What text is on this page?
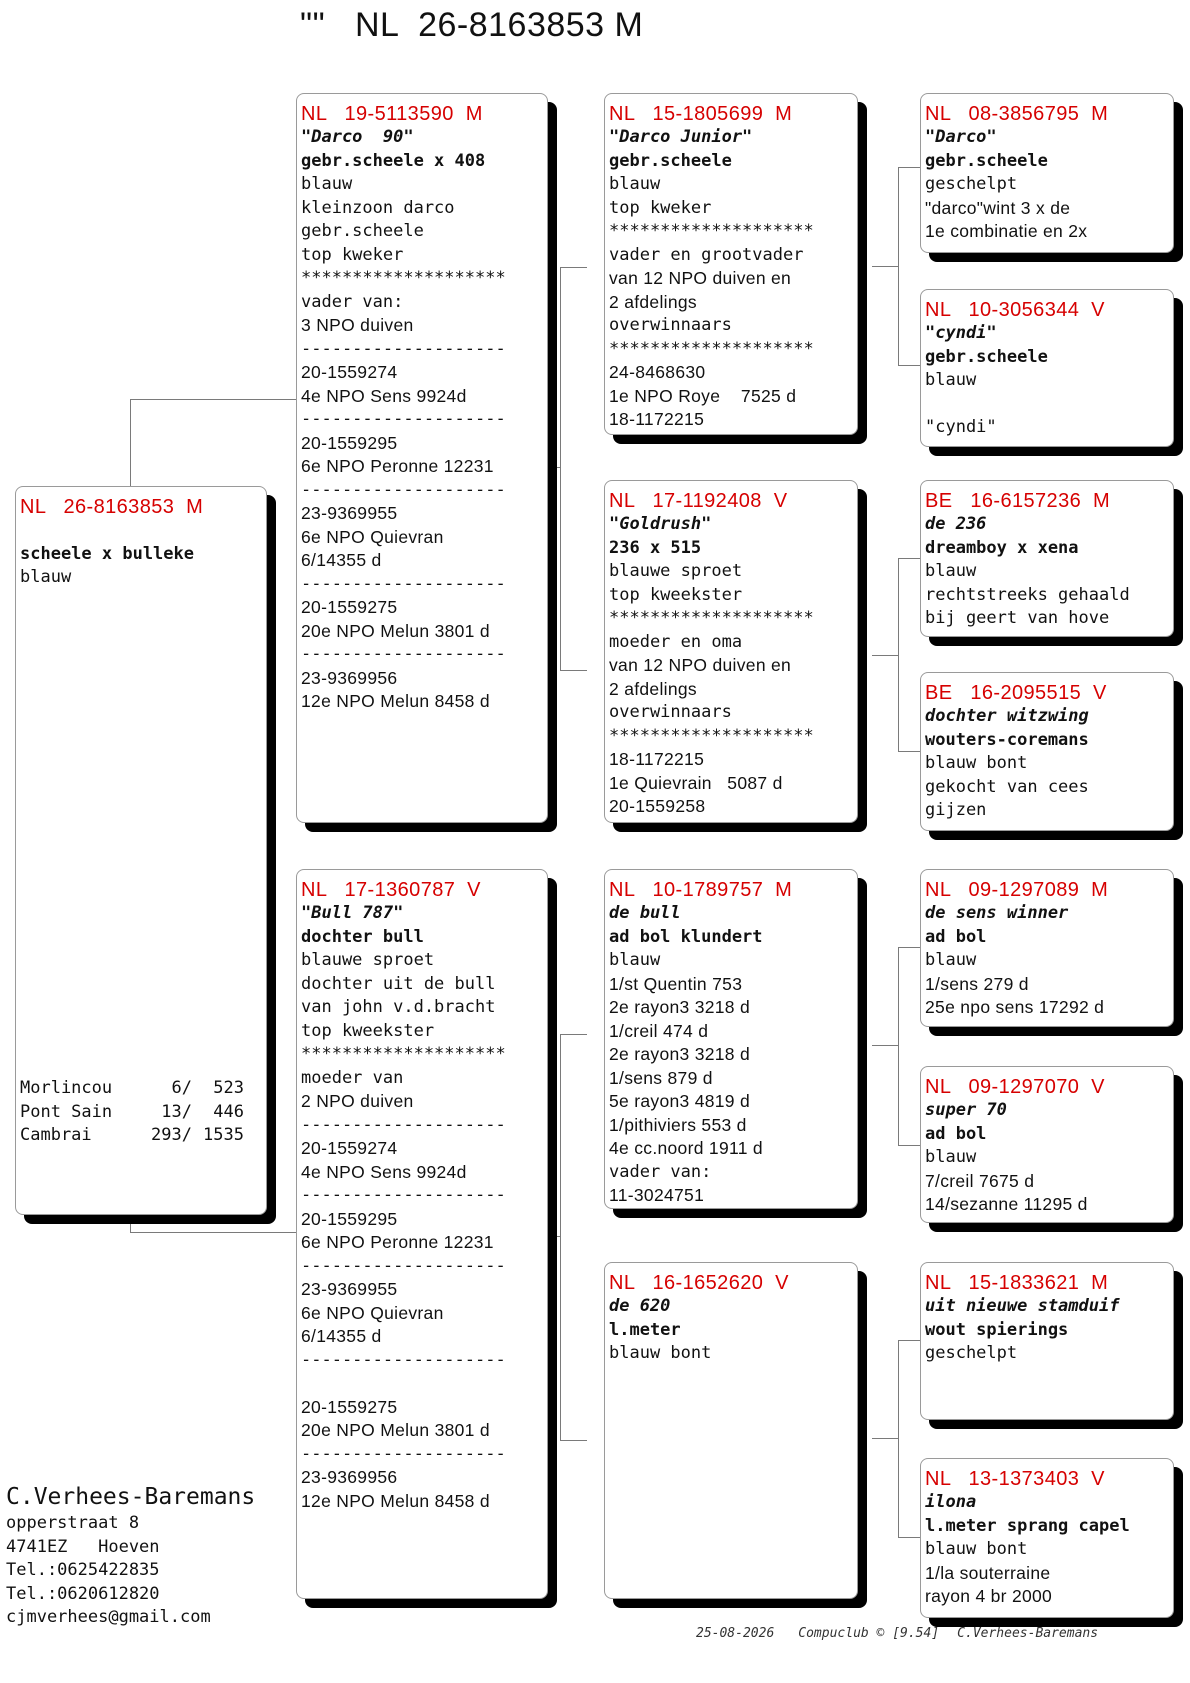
""   NL  26-8163853 M
NL   26-8163853  M

scheele x bulleke
blauw
Morlincou	6/ 523
Pont Sain	13/ 446
Cambrai	293/ 1535
NL   19-5113590  M
"Darco  90"
gebr.scheele x 408
blauw
kleinzoon darco
gebr.scheele
top kweker
********************
vader van:
3 NPO duiven
--------------------
20-1559274
4e NPO Sens 9924d
--------------------
20-1559295
6e NPO Peronne 12231
--------------------
23-9369955
6e NPO Quievran
6/14355 d
--------------------
20-1559275
20e NPO Melun 3801 d
--------------------
23-9369956
12e NPO Melun 8458 d
NL   17-1360787  V
"Bull 787"
dochter bull
blauwe sproet
dochter uit de bull
van john v.d.bracht
top kweekster
********************
moeder van
2 NPO duiven
--------------------
20-1559274
4e NPO Sens 9924d
--------------------
20-1559295
6e NPO Peronne 12231
--------------------
23-9369955
6e NPO Quievran
6/14355 d
--------------------

20-1559275
20e NPO Melun 3801 d
--------------------
23-9369956
12e NPO Melun 8458 d
NL   15-1805699  M
"Darco Junior"
gebr.scheele
blauw
top kweker
********************
vader en grootvader
van 12 NPO duiven en
2 afdelings
overwinnaars
********************
24-8468630
1e NPO Roye    7525 d
18-1172215
NL   17-1192408  V
"Goldrush"
236 x 515
blauwe sproet
top kweekster
********************
moeder en oma
van 12 NPO duiven en
2 afdelings
overwinnaars
********************
18-1172215
1e Quievrain   5087 d
20-1559258
NL   10-1789757  M
de bull
ad bol klundert
blauw
1/st Quentin 753
2e rayon3 3218 d
1/creil 474 d
2e rayon3 3218 d
1/sens 879 d
5e rayon3 4819 d
1/pithiviers 553 d
4e cc.noord 1911 d
vader van:
11-3024751
NL   16-1652620  V
de 620
l.meter
blauw bont
NL   08-3856795  M
"Darco"
gebr.scheele
geschelpt
"darco"wint 3 x de
1e combinatie en 2x
NL   10-3056344  V
"cyndi"
gebr.scheele
blauw

"cyndi"
BE   16-6157236  M
de 236
dreamboy x xena
blauw
rechtstreeks gehaald
bij geert van hove
BE   16-2095515  V
dochter witzwing
wouters-coremans
blauw bont
gekocht van cees
gijzen
NL   09-1297089  M
de sens winner
ad bol
blauw
1/sens 279 d
25e npo sens 17292 d
NL   09-1297070  V
super 70
ad bol
blauw
7/creil 7675 d
14/sezanne 11295 d
NL   15-1833621  M
uit nieuwe stamduif
wout spierings
geschelpt
NL   13-1373403  V
ilona
l.meter sprang capel
blauw bont
1/la souterraine
rayon 4 br 2000
C.Verhees-Baremans
opperstraat 8
4741EZ   Hoeven
Tel.:0625422835
Tel.:0620612820
cjmverhees@gmail.com
25-08-2026 Compuclub © [9.54] C.Verhees-Baremans
